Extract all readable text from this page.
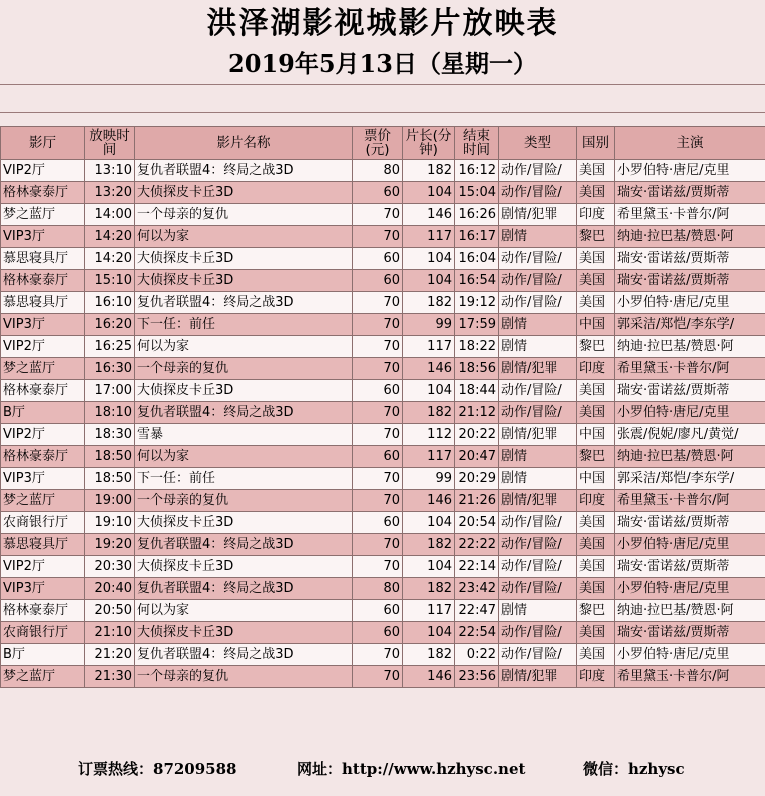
洪泽湖影视城影片放映表
2019年5月13日（星期一）
影厅	放映时间	影片名称	票价(元)	片长(分钟)	结束时间	类型	国别	主演
VIP2厅	13:10	复仇者联盟4：终局之战3D	80	182	16:12	动作/冒险/	美国	小罗伯特·唐尼/克里
格林豪泰厅	13:20	大侦探皮卡丘3D	60	104	15:04	动作/冒险/	美国	瑞安·雷诺兹/贾斯蒂
梦之蓝厅	14:00	一个母亲的复仇	70	146	16:26	剧情/犯罪	印度	希里黛玉·卡普尔/阿
VIP3厅	14:20	何以为家	70	117	16:17	剧情	黎巴	纳迪·拉巴基/赞恩·阿
慕思寝具厅	14:20	大侦探皮卡丘3D	60	104	16:04	动作/冒险/	美国	瑞安·雷诺兹/贾斯蒂
格林豪泰厅	15:10	大侦探皮卡丘3D	60	104	16:54	动作/冒险/	美国	瑞安·雷诺兹/贾斯蒂
慕思寝具厅	16:10	复仇者联盟4：终局之战3D	70	182	19:12	动作/冒险/	美国	小罗伯特·唐尼/克里
VIP3厅	16:20	下一任：前任	70	99	17:59	剧情	中国	郭采洁/郑恺/李东学/
VIP2厅	16:25	何以为家	70	117	18:22	剧情	黎巴	纳迪·拉巴基/赞恩·阿
梦之蓝厅	16:30	一个母亲的复仇	70	146	18:56	剧情/犯罪	印度	希里黛玉·卡普尔/阿
格林豪泰厅	17:00	大侦探皮卡丘3D	60	104	18:44	动作/冒险/	美国	瑞安·雷诺兹/贾斯蒂
B厅	18:10	复仇者联盟4：终局之战3D	70	182	21:12	动作/冒险/	美国	小罗伯特·唐尼/克里
VIP2厅	18:30	雪暴	70	112	20:22	剧情/犯罪	中国	张震/倪妮/廖凡/黄觉/
格林豪泰厅	18:50	何以为家	60	117	20:47	剧情	黎巴	纳迪·拉巴基/赞恩·阿
VIP3厅	18:50	下一任：前任	70	99	20:29	剧情	中国	郭采洁/郑恺/李东学/
梦之蓝厅	19:00	一个母亲的复仇	70	146	21:26	剧情/犯罪	印度	希里黛玉·卡普尔/阿
农商银行厅	19:10	大侦探皮卡丘3D	60	104	20:54	动作/冒险/	美国	瑞安·雷诺兹/贾斯蒂
慕思寝具厅	19:20	复仇者联盟4：终局之战3D	70	182	22:22	动作/冒险/	美国	小罗伯特·唐尼/克里
VIP2厅	20:30	大侦探皮卡丘3D	70	104	22:14	动作/冒险/	美国	瑞安·雷诺兹/贾斯蒂
VIP3厅	20:40	复仇者联盟4：终局之战3D	80	182	23:42	动作/冒险/	美国	小罗伯特·唐尼/克里
格林豪泰厅	20:50	何以为家	60	117	22:47	剧情	黎巴	纳迪·拉巴基/赞恩·阿
农商银行厅	21:10	大侦探皮卡丘3D	60	104	22:54	动作/冒险/	美国	瑞安·雷诺兹/贾斯蒂
B厅	21:20	复仇者联盟4：终局之战3D	70	182	0:22	动作/冒险/	美国	小罗伯特·唐尼/克里
梦之蓝厅	21:30	一个母亲的复仇	70	146	23:56	剧情/犯罪	印度	希里黛玉·卡普尔/阿
订票热线：87209588	网址：http://www.hzhysc.net	微信：hzhysc
